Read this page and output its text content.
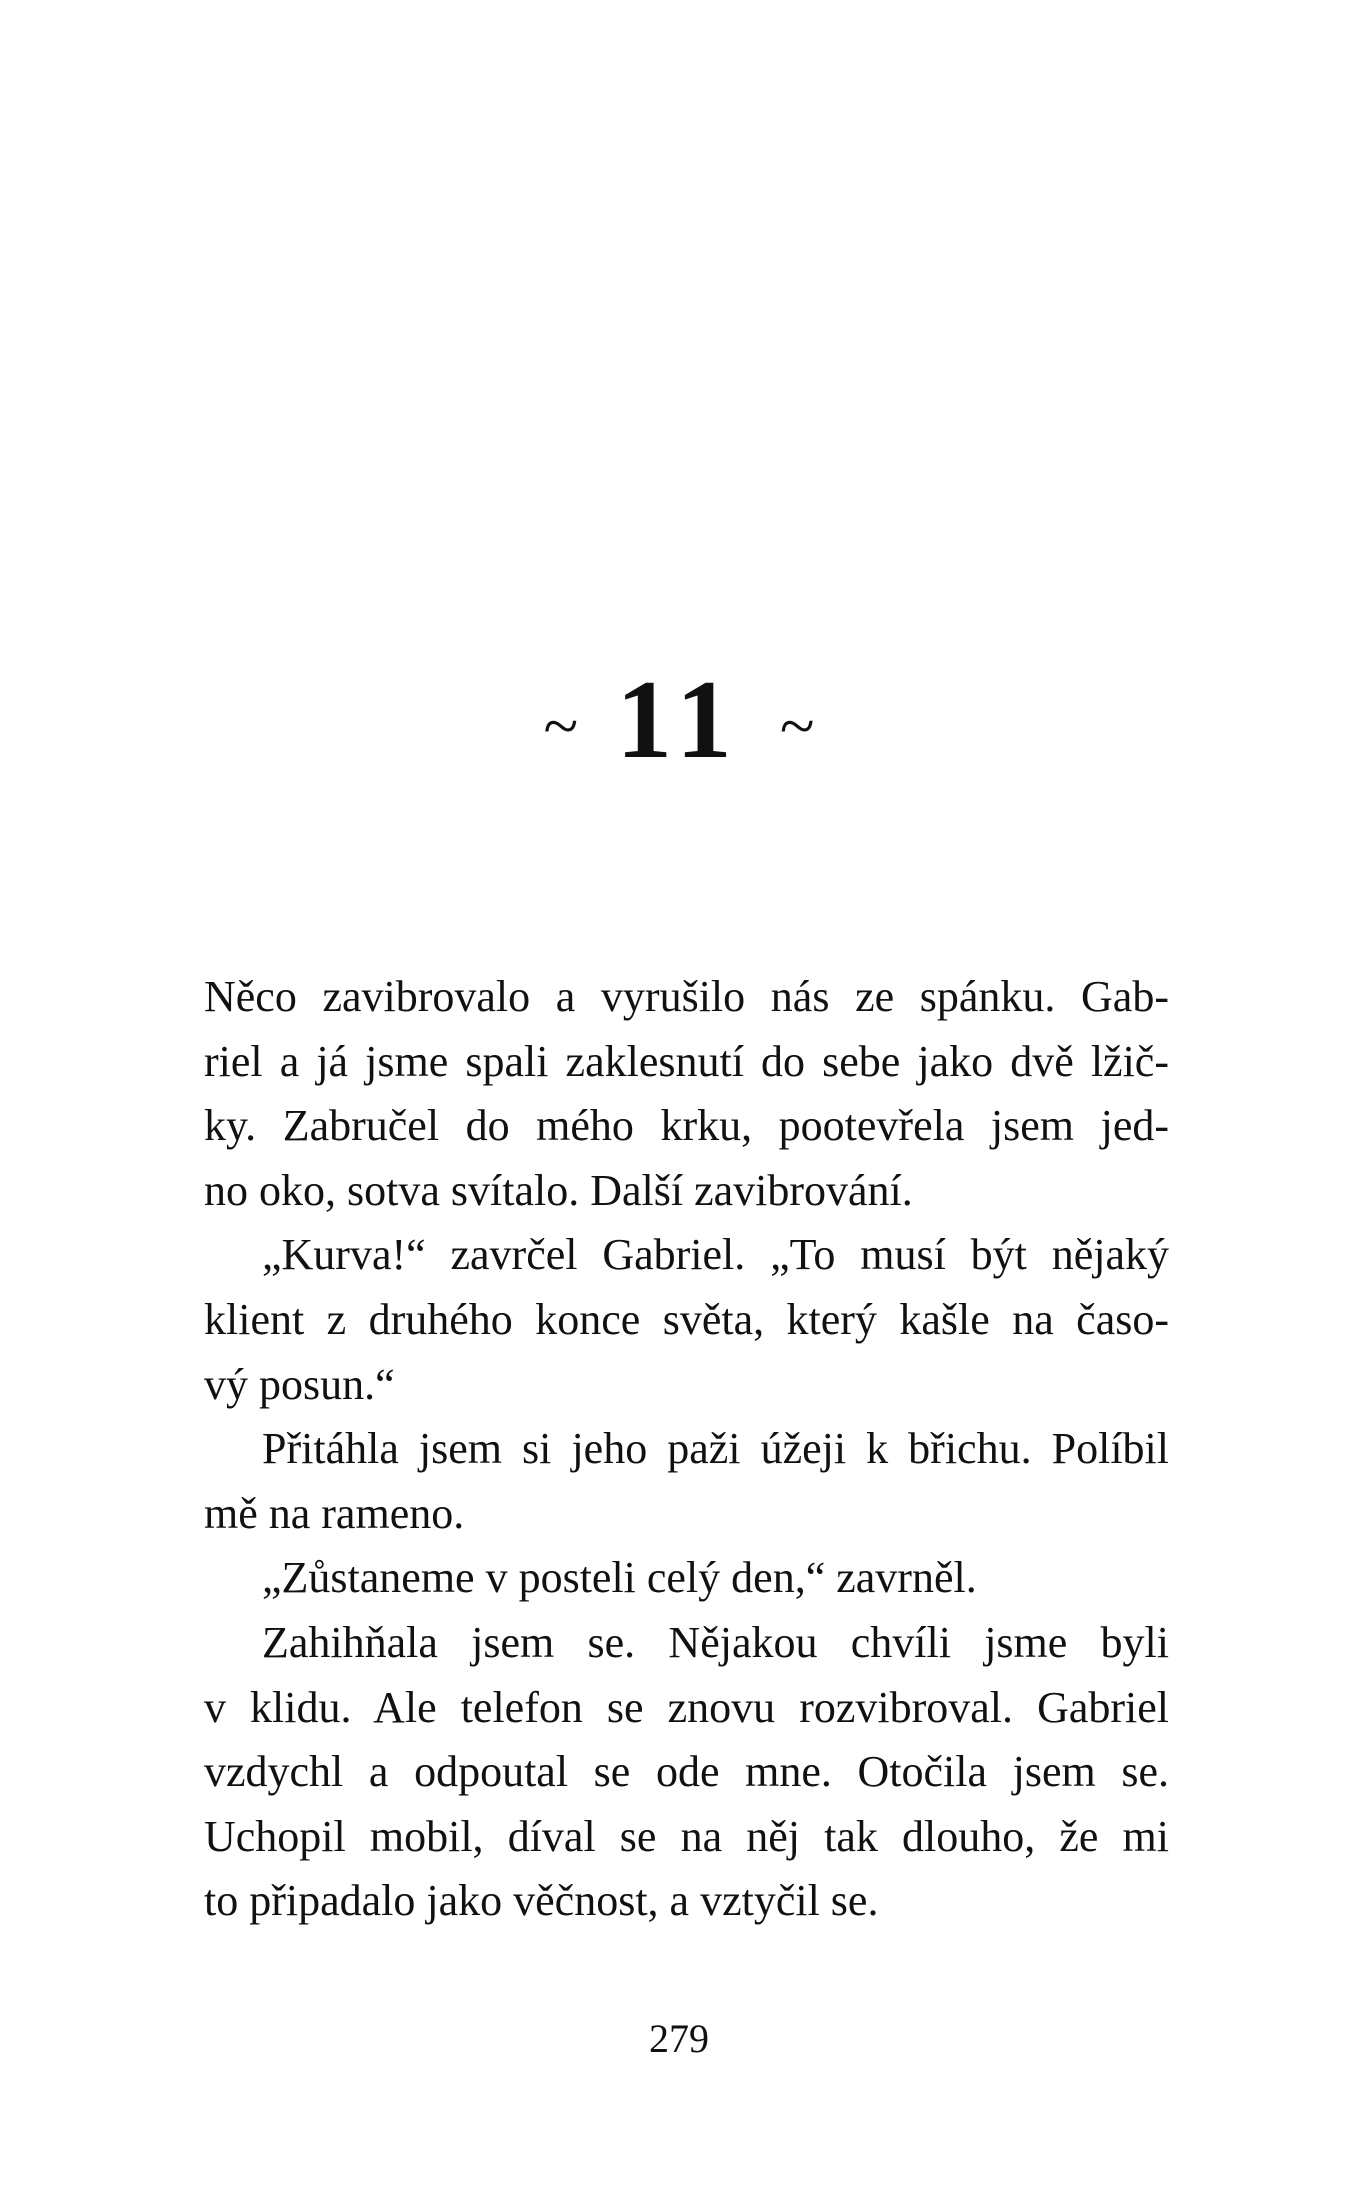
~ 11 ~
Něco zavibrovalo a vyrušilo nás ze spánku. Gab-
riel a já jsme spali zaklesnutí do sebe jako dvě lžič-
ky. Zabručel do mého krku, pootevřela jsem jed-
no oko, sotva svítalo. Další zavibrování.
„Kurva!“ zavrčel Gabriel. „To musí být nějaký
klient z druhého konce světa, který kašle na časo-
vý posun.“
Přitáhla jsem si jeho paži úžeji k břichu. Políbil
mě na rameno.
„Zůstaneme v posteli celý den,“ zavrněl.
Zahihňala jsem se. Nějakou chvíli jsme byli
v klidu. Ale telefon se znovu rozvibroval. Gabriel
vzdychl a odpoutal se ode mne. Otočila jsem se.
Uchopil mobil, díval se na něj tak dlouho, že mi
to připadalo jako věčnost, a vztyčil se.
279
